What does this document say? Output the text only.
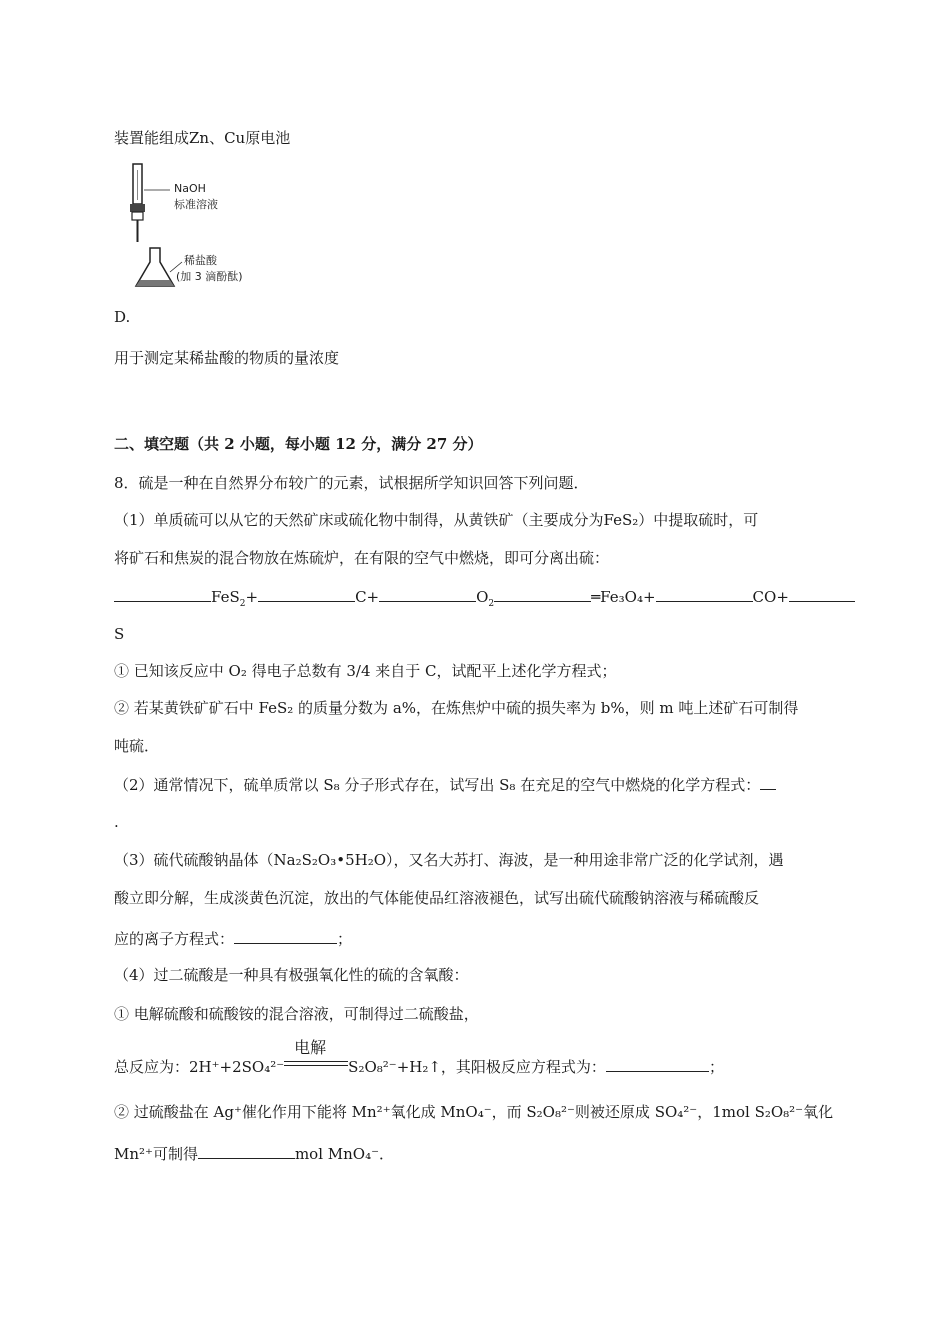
装置能组成Zn、Cu原电池
NaOH
标准溶液
稀盐酸
(加 3 滴酚酞)
D.
用于测定某稀盐酸的物质的量浓度
二、填空题（共 2 小题，每小题 12 分，满分 27 分）
8．硫是一种在自然界分布较广的元素，试根据所学知识回答下列问题．
（1）单质硫可以从它的天然矿床或硫化物中制得，从黄铁矿（主要成分为FeS₂）中提取硫时，可
将矿石和焦炭的混合物放在炼硫炉，在有限的空气中燃烧，即可分离出硫：
FeS$_2$+	C+	$O_2$	═Fe₃O₄+	CO+
S
① 已知该反应中 O₂ 得电子总数有 3/4 来自于 C，试配平上述化学方程式；
② 若某黄铁矿矿石中 FeS₂ 的质量分数为 a%，在炼焦炉中硫的损失率为 b%，则 m 吨上述矿石可制得
吨硫．
（2）通常情况下，硫单质常以 S₈ 分子形式存在，试写出 S₈ 在充足的空气中燃烧的化学方程式：
.
（3）硫代硫酸钠晶体（Na₂S₂O₃•5H₂O），又名大苏打、海波，是一种用途非常广泛的化学试剂，遇
酸立即分解，生成淡黄色沉淀，放出的气体能使品红溶液褪色，试写出硫代硫酸钠溶液与稀硫酸反
应的离子方程式：	；
（4）过二硫酸是一种具有极强氧化性的硫的含氧酸：
① 电解硫酸和硫酸铵的混合溶液，可制得过二硫酸盐，
总反应为：2H⁺+2SO₄²⁻
电解
S₂O₈²⁻+H₂↑，其阳极反应方程式为：	；
② 过硫酸盐在 Ag⁺催化作用下能将 Mn²⁺氧化成 MnO₄⁻，而 S₂O₈²⁻则被还原成 SO₄²⁻，1mol S₂O₈²⁻氧化
Mn²⁺可制得	mol MnO₄⁻．
